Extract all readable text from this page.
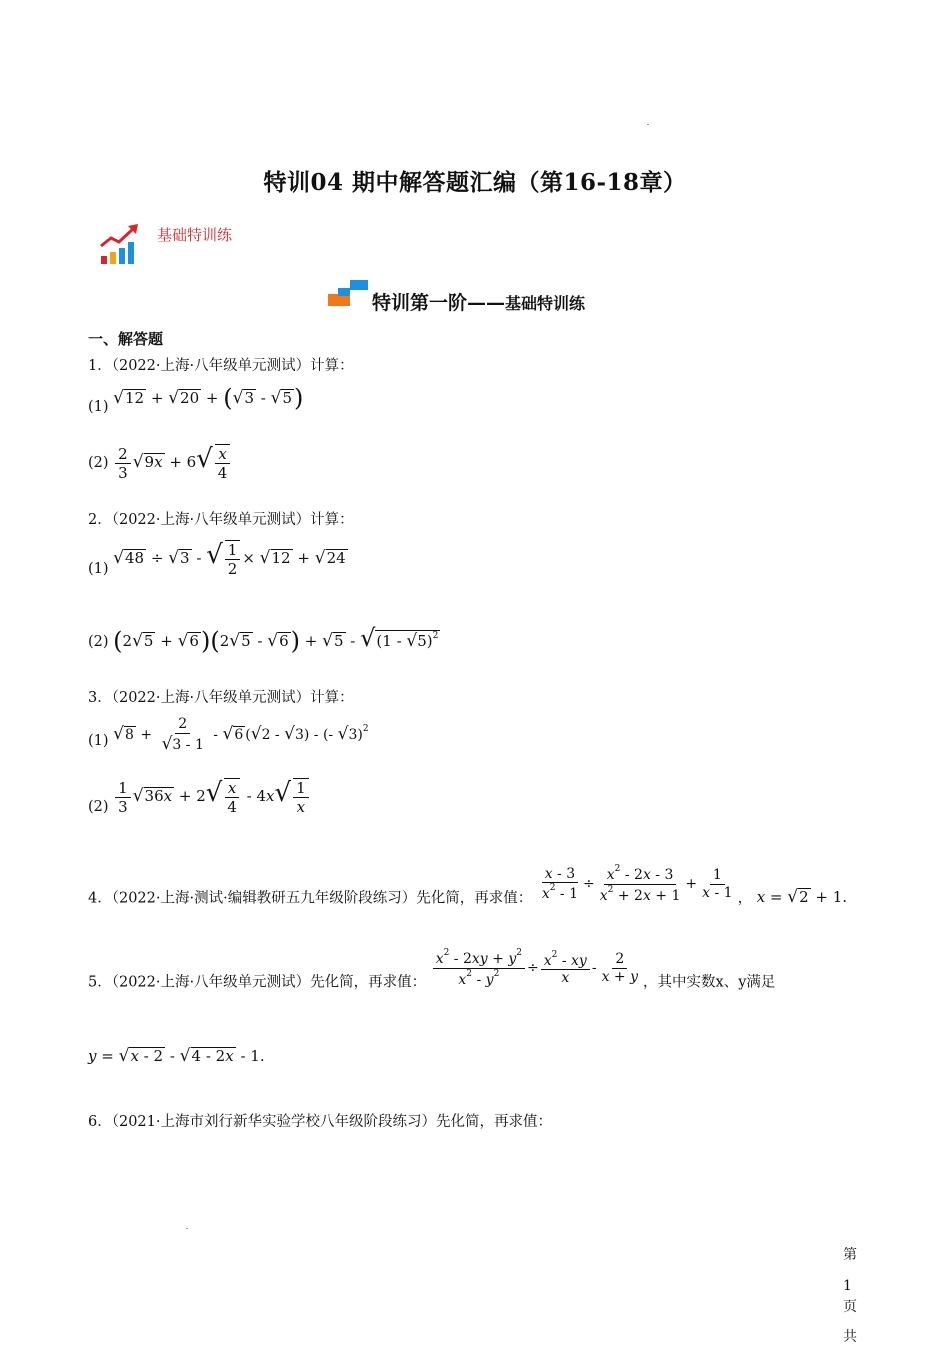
特训04 期中解答题汇编（第16-18章）
基础特训练
特训第一阶——基础特训练
一、解答题
1．（2022·上海·八年级单元测试）计算：
(1) √12 + √20 + (√3 - √5)
$(2) \frac{2}{3} √9x + 6√ \frac{x}{4}$
2．（2022·上海·八年级单元测试）计算：
(1) √48 ÷ √3 - √ $\frac{1}{2} \times √12 + √24$
(2) (2√5 + √6)(2√5 - √6) + √5 - √(1 - √5)$^2$
3．（2022·上海·八年级单元测试）计算：
(1) $√8 + \frac{2}{√3 - 1} - √6$ (√2 - √3) - (- √3)$^2$
$(2) \frac{1}{3} √36x + 2√ \frac{x}{4} - 4x√ \frac{1}{x}$
4．（2022·上海·测试·编辑教研五九年级阶段练习）先化简，再求值： $\frac{x - 3}{x^2 - 1} \div \frac{x^2 - 2x - 3}{x^2 + 2x + 1} + \frac{1}{x - 1}$ ， x = √2 + 1.
5．（2022·上海·八年级单元测试）先化简，再求值： $\frac{x^2 - 2xy + y^2}{x^2 - y^2} \div \frac{x^2 - xy}{x} - \frac{2}{x + y}$ ，其中实数x、y满足
y = √x - 2 - √4 - 2x - 1.
6．（2021·上海市刘行新华实验学校八年级阶段练习）先化简，再求值：
第
1
页
共
